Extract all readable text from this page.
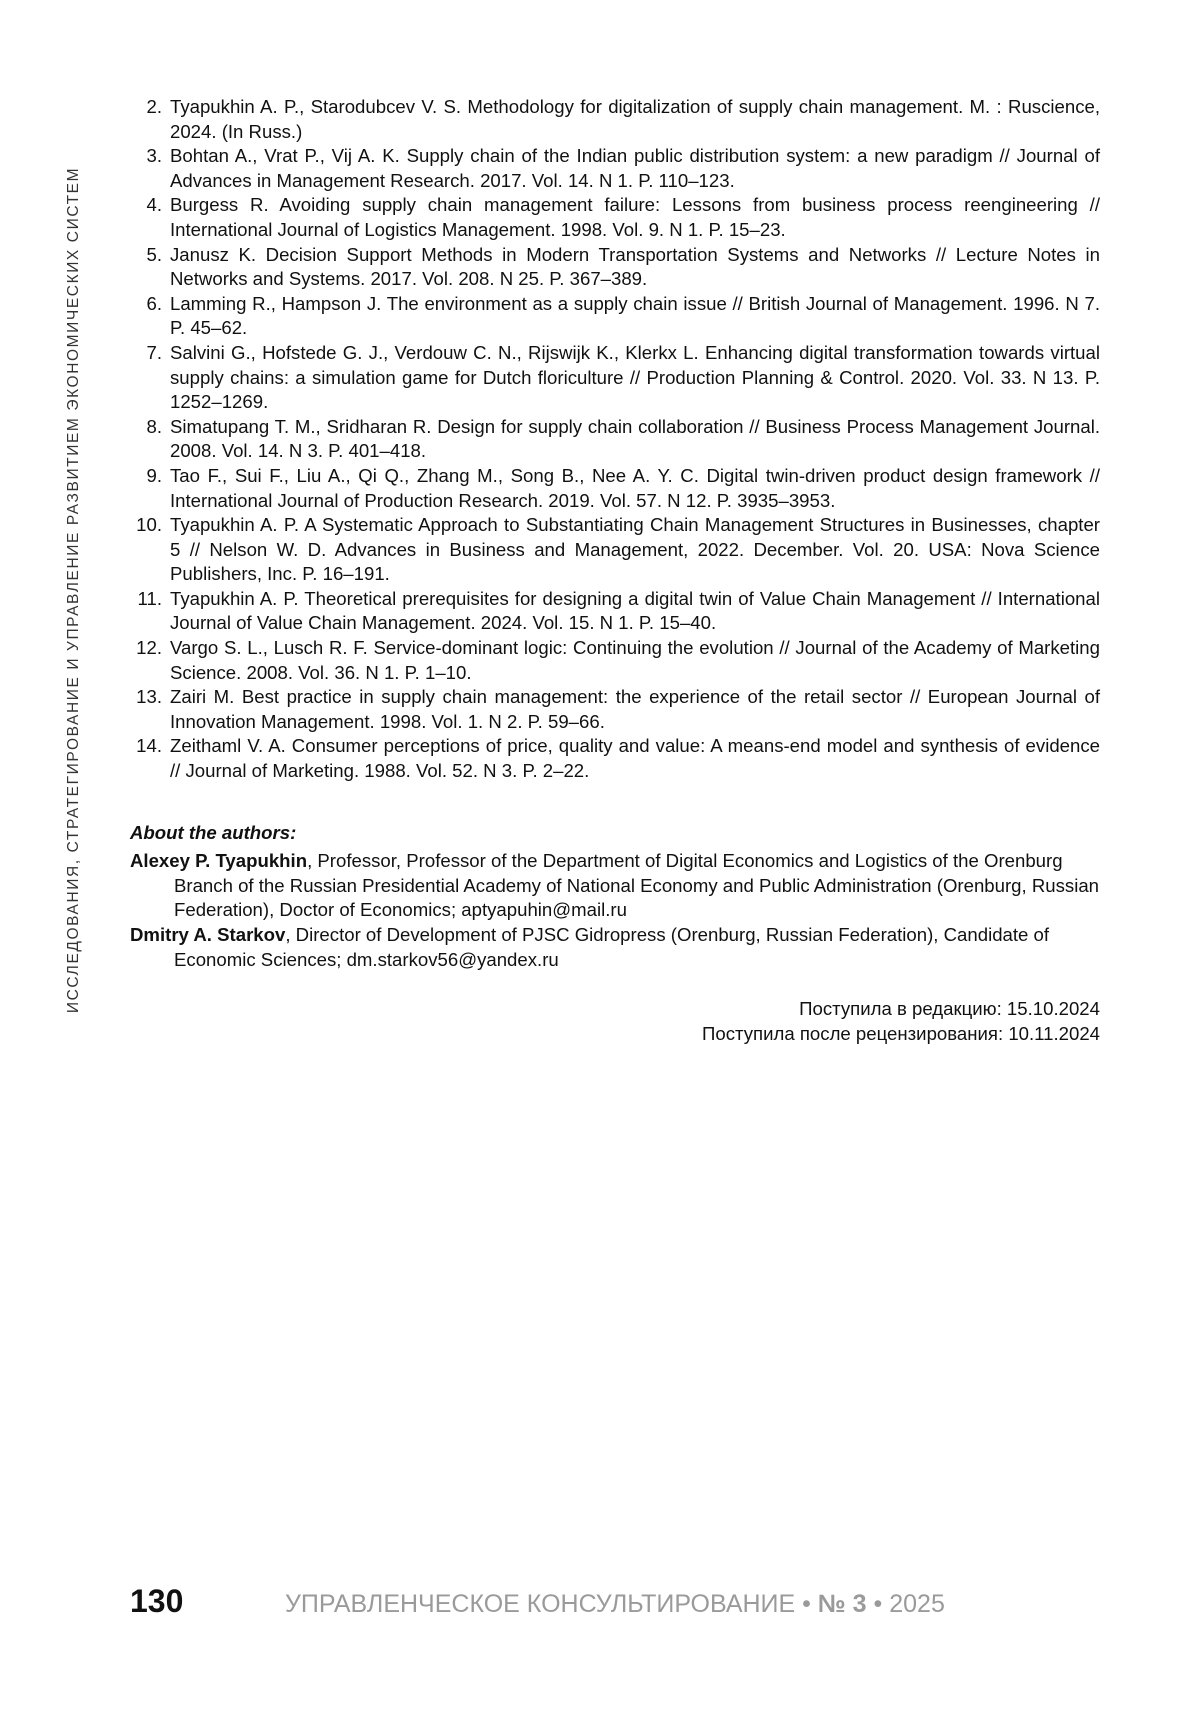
ИССЛЕДОВАНИЯ, СТРАТЕГИРОВАНИЕ И УПРАВЛЕНИЕ РАЗВИТИЕМ ЭКОНОМИЧЕСКИХ СИСТЕМ
2. Tyapukhin A. P., Starodubcev V. S. Methodology for digitalization of supply chain management. M. : Ruscience, 2024. (In Russ.)
3. Bohtan A., Vrat P., Vij A. K. Supply chain of the Indian public distribution system: a new paradigm // Journal of Advances in Management Research. 2017. Vol. 14. N 1. P. 110–123.
4. Burgess R. Avoiding supply chain management failure: Lessons from business process reengineering // International Journal of Logistics Management. 1998. Vol. 9. N 1. P. 15–23.
5. Janusz K. Decision Support Methods in Modern Transportation Systems and Networks // Lecture Notes in Networks and Systems. 2017. Vol. 208. N 25. P. 367–389.
6. Lamming R., Hampson J. The environment as a supply chain issue // British Journal of Management. 1996. N 7. P. 45–62.
7. Salvini G., Hofstede G. J., Verdouw C. N., Rijswijk K., Klerkx L. Enhancing digital transformation towards virtual supply chains: a simulation game for Dutch floriculture // Production Planning & Control. 2020. Vol. 33. N 13. P. 1252–1269.
8. Simatupang T. M., Sridharan R. Design for supply chain collaboration // Business Process Management Journal. 2008. Vol. 14. N 3. P. 401–418.
9. Tao F., Sui F., Liu A., Qi Q., Zhang M., Song B., Nee A. Y. C. Digital twin-driven product design framework // International Journal of Production Research. 2019. Vol. 57. N 12. P. 3935–3953.
10. Tyapukhin A. P. A Systematic Approach to Substantiating Chain Management Structures in Businesses, chapter 5 // Nelson W. D. Advances in Business and Management, 2022. December. Vol. 20. USA: Nova Science Publishers, Inc. P. 16–191.
11. Tyapukhin A. P. Theoretical prerequisites for designing a digital twin of Value Chain Management // International Journal of Value Chain Management. 2024. Vol. 15. N 1. P. 15–40.
12. Vargo S. L., Lusch R. F. Service-dominant logic: Continuing the evolution // Journal of the Academy of Marketing Science. 2008. Vol. 36. N 1. P. 1–10.
13. Zairi M. Best practice in supply chain management: the experience of the retail sector // European Journal of Innovation Management. 1998. Vol. 1. N 2. P. 59–66.
14. Zeithaml V. A. Consumer perceptions of price, quality and value: A means-end model and synthesis of evidence // Journal of Marketing. 1988. Vol. 52. N 3. P. 2–22.
About the authors:
Alexey P. Tyapukhin, Professor, Professor of the Department of Digital Economics and Logistics of the Orenburg Branch of the Russian Presidential Academy of National Economy and Public Administration (Orenburg, Russian Federation), Doctor of Economics; aptyapuhin@mail.ru
Dmitry A. Starkov, Director of Development of PJSC Gidropress (Orenburg, Russian Federation), Candidate of Economic Sciences; dm.starkov56@yandex.ru
Поступила в редакцию: 15.10.2024
Поступила после рецензирования: 10.11.2024
130	УПРАВЛЕНЧЕСКОЕ КОНСУЛЬТИРОВАНИЕ • № 3 • 2025
